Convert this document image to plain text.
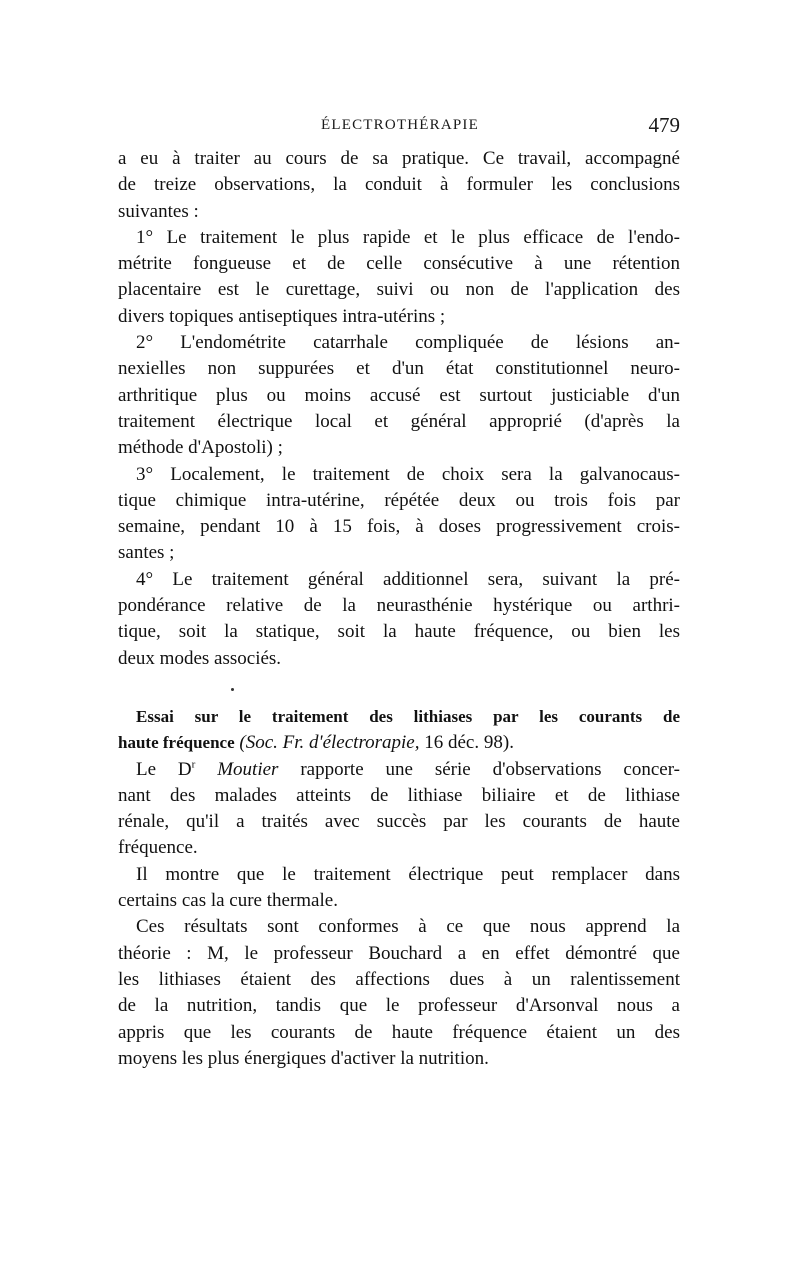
ÉLECTROTHÉRAPIE	479
a eu à traiter au cours de sa pratique. Ce travail, accompagné
de treize observations, la conduit à formuler les conclusions
suivantes :
1° Le traitement le plus rapide et le plus efficace de l'endo-
métrite fongueuse et de celle consécutive à une rétention
placentaire est le curettage, suivi ou non de l'application des
divers topiques antiseptiques intra-utérins ;
2° L'endométrite catarrhale compliquée de lésions an-
nexielles non suppurées et d'un état constitutionnel neuro-
arthritique plus ou moins accusé est surtout justiciable d'un
traitement électrique local et général approprié (d'après la
méthode d'Apostoli) ;
3° Localement, le traitement de choix sera la galvanocaus-
tique chimique intra-utérine, répétée deux ou trois fois par
semaine, pendant 10 à 15 fois, à doses progressivement crois-
santes ;
4° Le traitement général additionnel sera, suivant la pré-
pondérance relative de la neurasthénie hystérique ou arthri-
tique, soit la statique, soit la haute fréquence, ou bien les
deux modes associés.
Essai sur le traitement des lithiases par les courants de
haute fréquence (Soc. Fr. d'électrorapie, 16 déc. 98).
Le $D^r$ Moutier rapporte une série d'observations concer-
nant des malades atteints de lithiase biliaire et de lithiase
rénale, qu'il a traités avec succès par les courants de haute
fréquence.
Il montre que le traitement électrique peut remplacer dans
certains cas la cure thermale.
Ces résultats sont conformes à ce que nous apprend la
théorie : M, le professeur Bouchard a en effet démontré que
les lithiases étaient des affections dues à un ralentissement
de la nutrition, tandis que le professeur d'Arsonval nous a
appris que les courants de haute fréquence étaient un des
moyens les plus énergiques d'activer la nutrition.
